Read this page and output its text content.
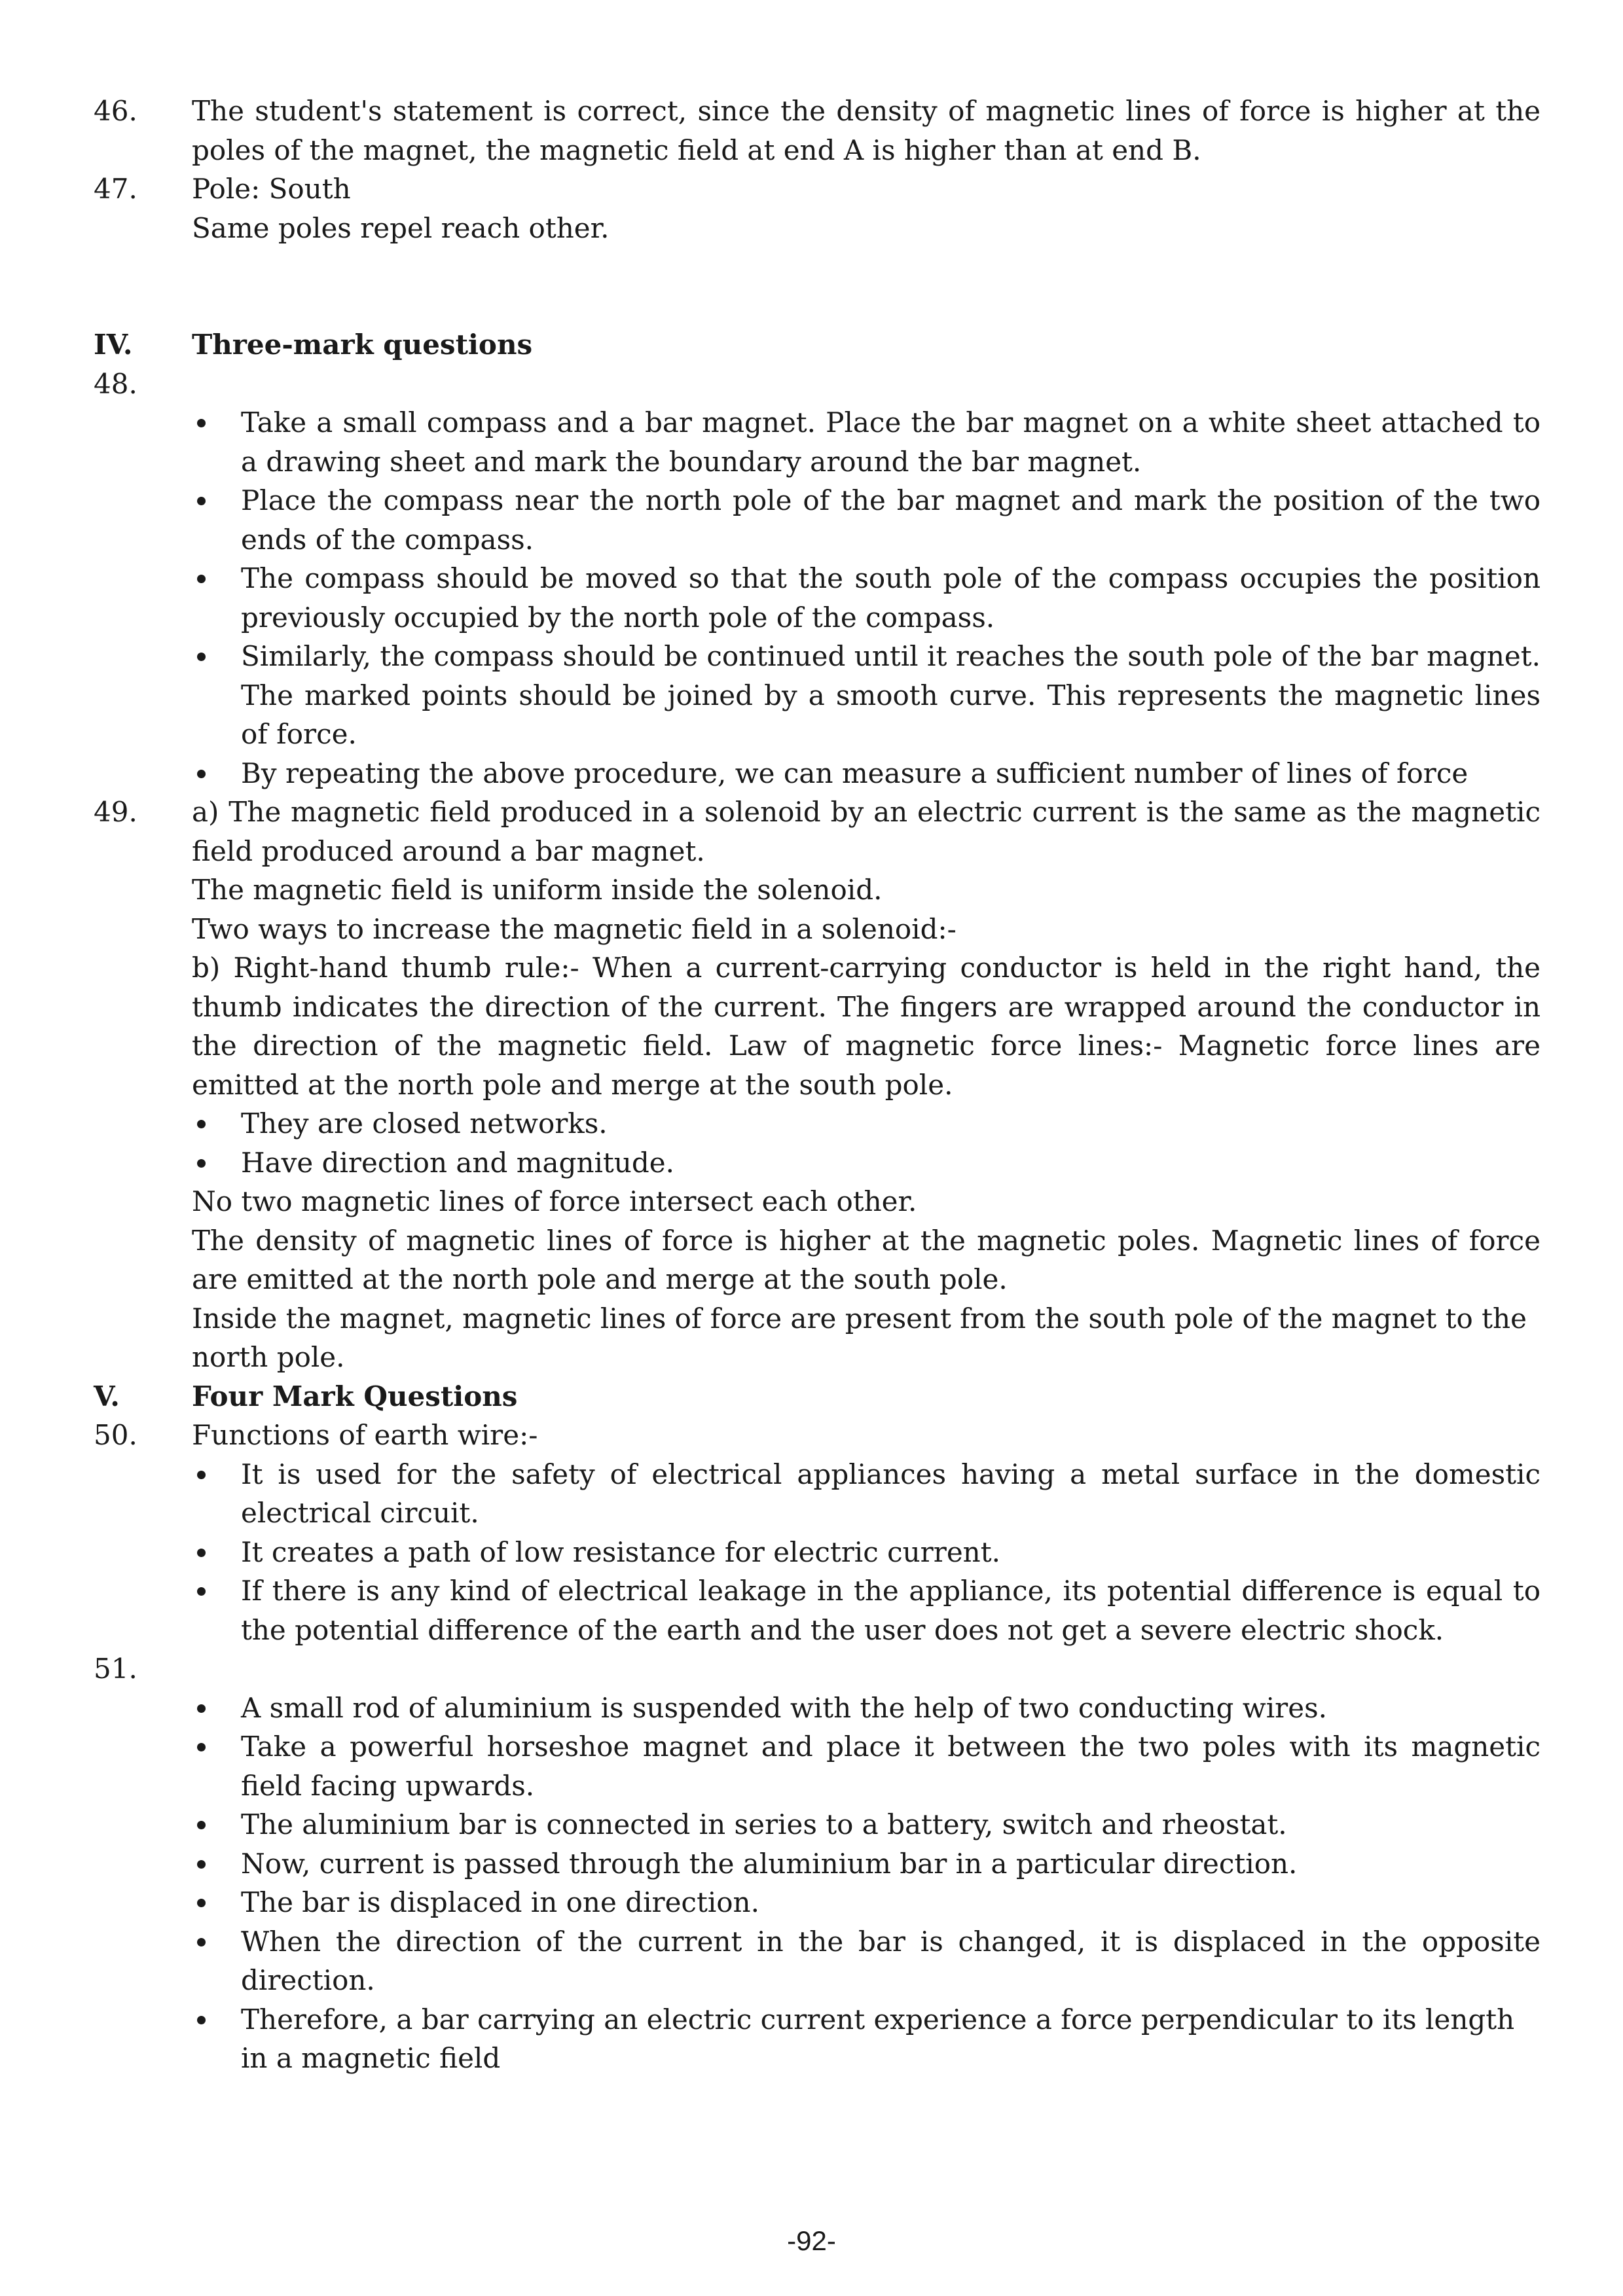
46.	The student's statement is correct, since the density of magnetic lines of force is higher at the poles of the magnet, the magnetic field at end A is higher than at end B.
47.	Pole: South
Same poles repel reach other.
IV.	Three-mark questions
48.
Take a small compass and a bar magnet. Place the bar magnet on a white sheet attached to a drawing sheet and mark the boundary around the bar magnet.
Place the compass near the north pole of the bar magnet and mark the position of the two ends of the compass.
The compass should be moved so that the south pole of the compass occupies the position previously occupied by the north pole of the compass.
Similarly, the compass should be continued until it reaches the south pole of the bar magnet. The marked points should be joined by a smooth curve. This represents the magnetic lines of force.
By repeating the above procedure, we can measure a sufficient number of lines of force
49.	a) The magnetic field produced in a solenoid by an electric current is the same as the magnetic field produced around a bar magnet.
The magnetic field is uniform inside the solenoid.
Two ways to increase the magnetic field in a solenoid:-
b) Right-hand thumb rule:- When a current-carrying conductor is held in the right hand, the thumb indicates the direction of the current. The fingers are wrapped around the conductor in the direction of the magnetic field. Law of magnetic force lines:- Magnetic force lines are emitted at the north pole and merge at the south pole.
They are closed networks.
Have direction and magnitude.
No two magnetic lines of force intersect each other.
The density of magnetic lines of force is higher at the magnetic poles. Magnetic lines of force are emitted at the north pole and merge at the south pole.
Inside the magnet, magnetic lines of force are present from the south pole of the magnet to the north pole.
V.	Four Mark Questions
50.	Functions of earth wire:-
It is used for the safety of electrical appliances having a metal surface in the domestic electrical circuit.
It creates a path of low resistance for electric current.
If there is any kind of electrical leakage in the appliance, its potential difference is equal to the potential difference of the earth and the user does not get a severe electric shock.
51.
A small rod of aluminium is suspended with the help of two conducting wires.
Take a powerful horseshoe magnet and place it between the two poles with its magnetic field facing upwards.
The aluminium bar is connected in series to a battery, switch and rheostat.
Now, current is passed through the aluminium bar in a particular direction.
The bar is displaced in one direction.
When the direction of the current in the bar is changed, it is displaced in the opposite direction.
Therefore, a bar carrying an electric current experience a force perpendicular to its length in a magnetic field
-92-
